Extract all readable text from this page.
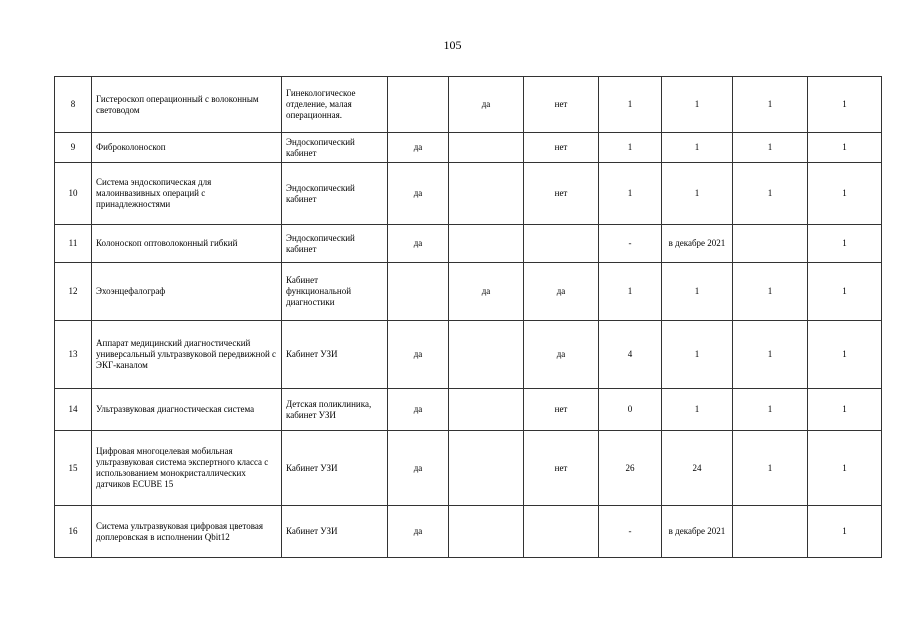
105
8	Гистероскоп операционный с волоконным световодом	Гинекологическое отделение, малая операционная.		да	нет	1	1	1	1
9	Фиброколоноскоп	Эндоскопический кабинет	да		нет	1	1	1	1
10	Система эндоскопическая для малоинвазивных операций с принадлежностями	Эндоскопический кабинет	да		нет	1	1	1	1
11	Колоноскоп оптоволоконный гибкий	Эндоскопический кабинет	да			-	в декабре 2021		1
12	Эхоэнцефалограф	Кабинет функциональной диагностики		да	да	1	1	1	1
13	Аппарат медицинский диагностический универсальный ультразвуковой передвижной с ЭКГ-каналом	Кабинет УЗИ	да		да	4	1	1	1
14	Ультразвуковая диагностическая система	Детская поликлиника, кабинет УЗИ	да		нет	0	1	1	1
15	Цифровая многоцелевая мобильная ультразвуковая система экспертного класса с использованием монокристаллических датчиков ECUBE 15	Кабинет УЗИ	да		нет	26	24	1	1
16	Система ультразвуковая цифровая цветовая доплеровская в исполнении Qbit12	Кабинет УЗИ	да			-	в декабре 2021		1
